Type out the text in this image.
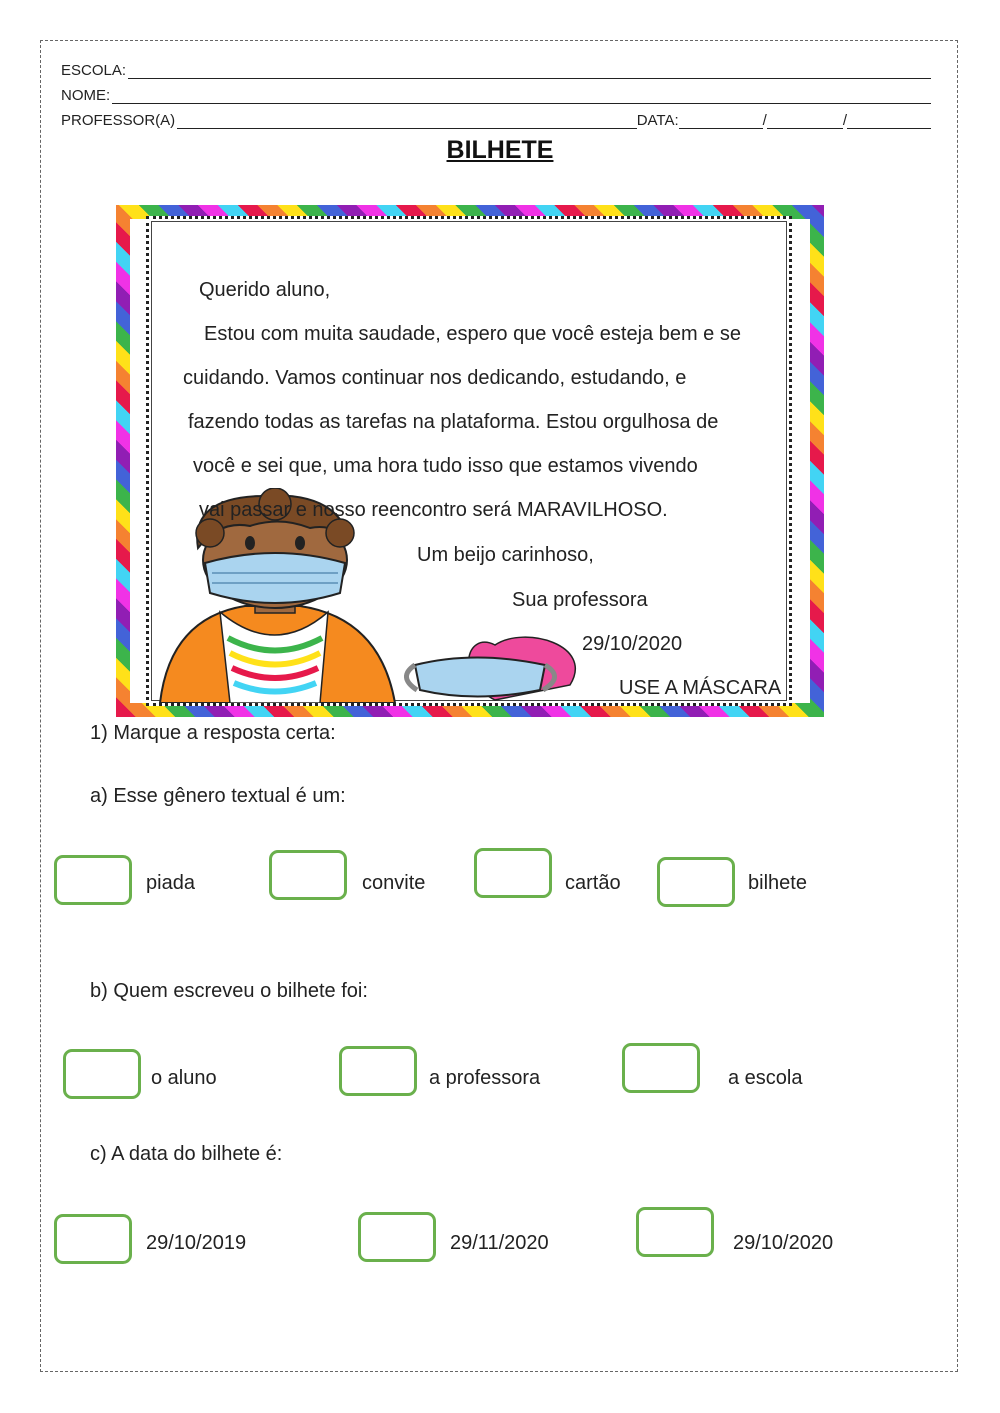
ESCOLA:
NOME:
PROFESSOR(A)	DATA:	/	/
BILHETE
Querido aluno,
Estou com muita saudade, espero que você esteja bem e se
cuidando. Vamos continuar nos dedicando, estudando, e
fazendo todas as tarefas na plataforma. Estou orgulhosa de
você e sei que, uma hora tudo isso que estamos vivendo
vai passar e nosso reencontro será MARAVILHOSO.
Um beijo carinhoso,
Sua professora
29/10/2020
USE A MÁSCARA
1) Marque a resposta certa:
a) Esse gênero textual é um:
piada	convite	cartão	bilhete
b) Quem escreveu o bilhete foi:
o aluno	a professora	a escola
c) A data do bilhete é:
29/10/2019	29/11/2020	29/10/2020
